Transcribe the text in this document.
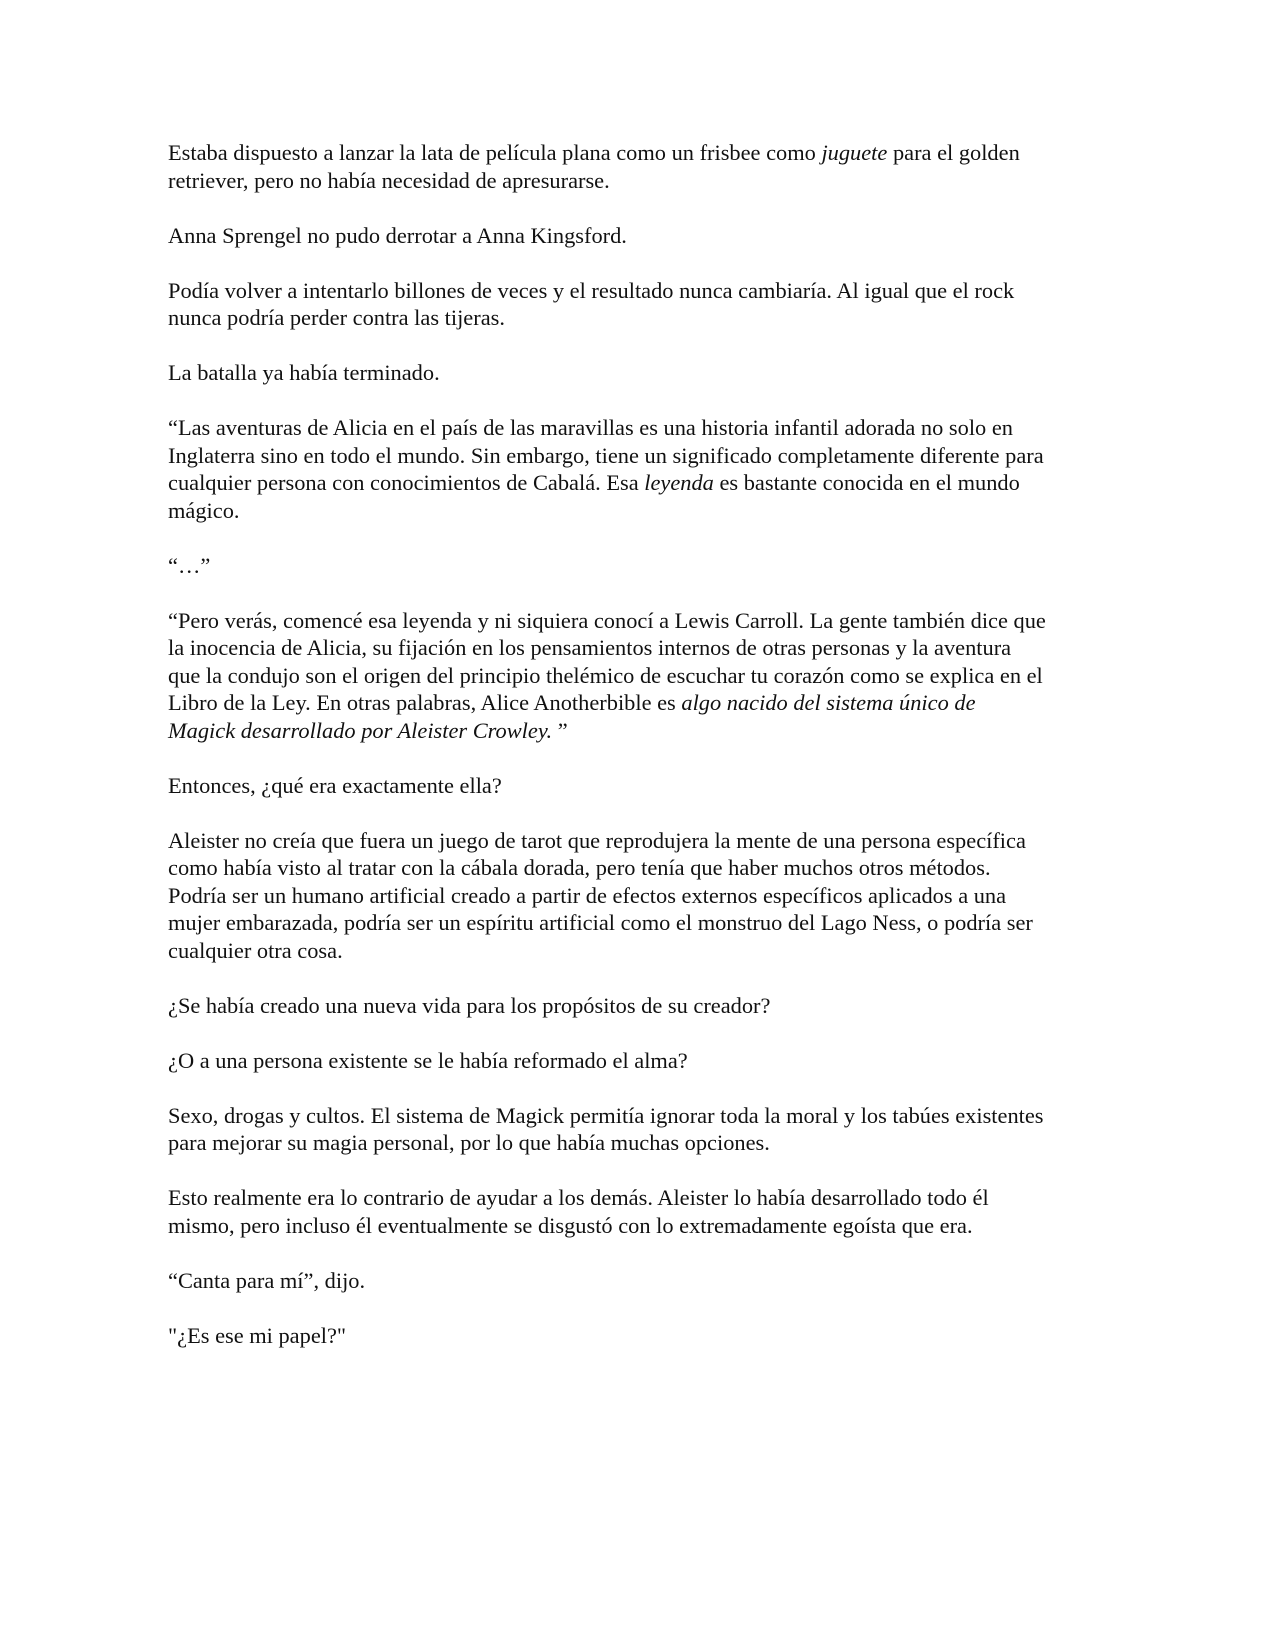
Estaba dispuesto a lanzar la lata de película plana como un frisbee como juguete para el golden retriever, pero no había necesidad de apresurarse.

Anna Sprengel no pudo derrotar a Anna Kingsford.

Podía volver a intentarlo billones de veces y el resultado nunca cambiaría. Al igual que el rock nunca podría perder contra las tijeras.

La batalla ya había terminado.

“Las aventuras de Alicia en el país de las maravillas es una historia infantil adorada no solo en Inglaterra sino en todo el mundo. Sin embargo, tiene un significado completamente diferente para cualquier persona con conocimientos de Cabalá. Esa leyenda es bastante conocida en el mundo mágico.

“…”

“Pero verás, comencé esa leyenda y ni siquiera conocí a Lewis Carroll. La gente también dice que la inocencia de Alicia, su fijación en los pensamientos internos de otras personas y la aventura que la condujo son el origen del principio thelémico de escuchar tu corazón como se explica en el Libro de la Ley. En otras palabras, Alice Anotherbible es algo nacido del sistema único de Magick desarrollado por Aleister Crowley. ”

Entonces, ¿qué era exactamente ella?

Aleister no creía que fuera un juego de tarot que reprodujera la mente de una persona específica como había visto al tratar con la cábala dorada, pero tenía que haber muchos otros métodos. Podría ser un humano artificial creado a partir de efectos externos específicos aplicados a una mujer embarazada, podría ser un espíritu artificial como el monstruo del Lago Ness, o podría ser cualquier otra cosa.

¿Se había creado una nueva vida para los propósitos de su creador?

¿O a una persona existente se le había reformado el alma?

Sexo, drogas y cultos. El sistema de Magick permitía ignorar toda la moral y los tabúes existentes para mejorar su magia personal, por lo que había muchas opciones.

Esto realmente era lo contrario de ayudar a los demás. Aleister lo había desarrollado todo él mismo, pero incluso él eventualmente se disgustó con lo extremadamente egoísta que era.

“Canta para mí”, dijo.

"¿Es ese mi papel?"
